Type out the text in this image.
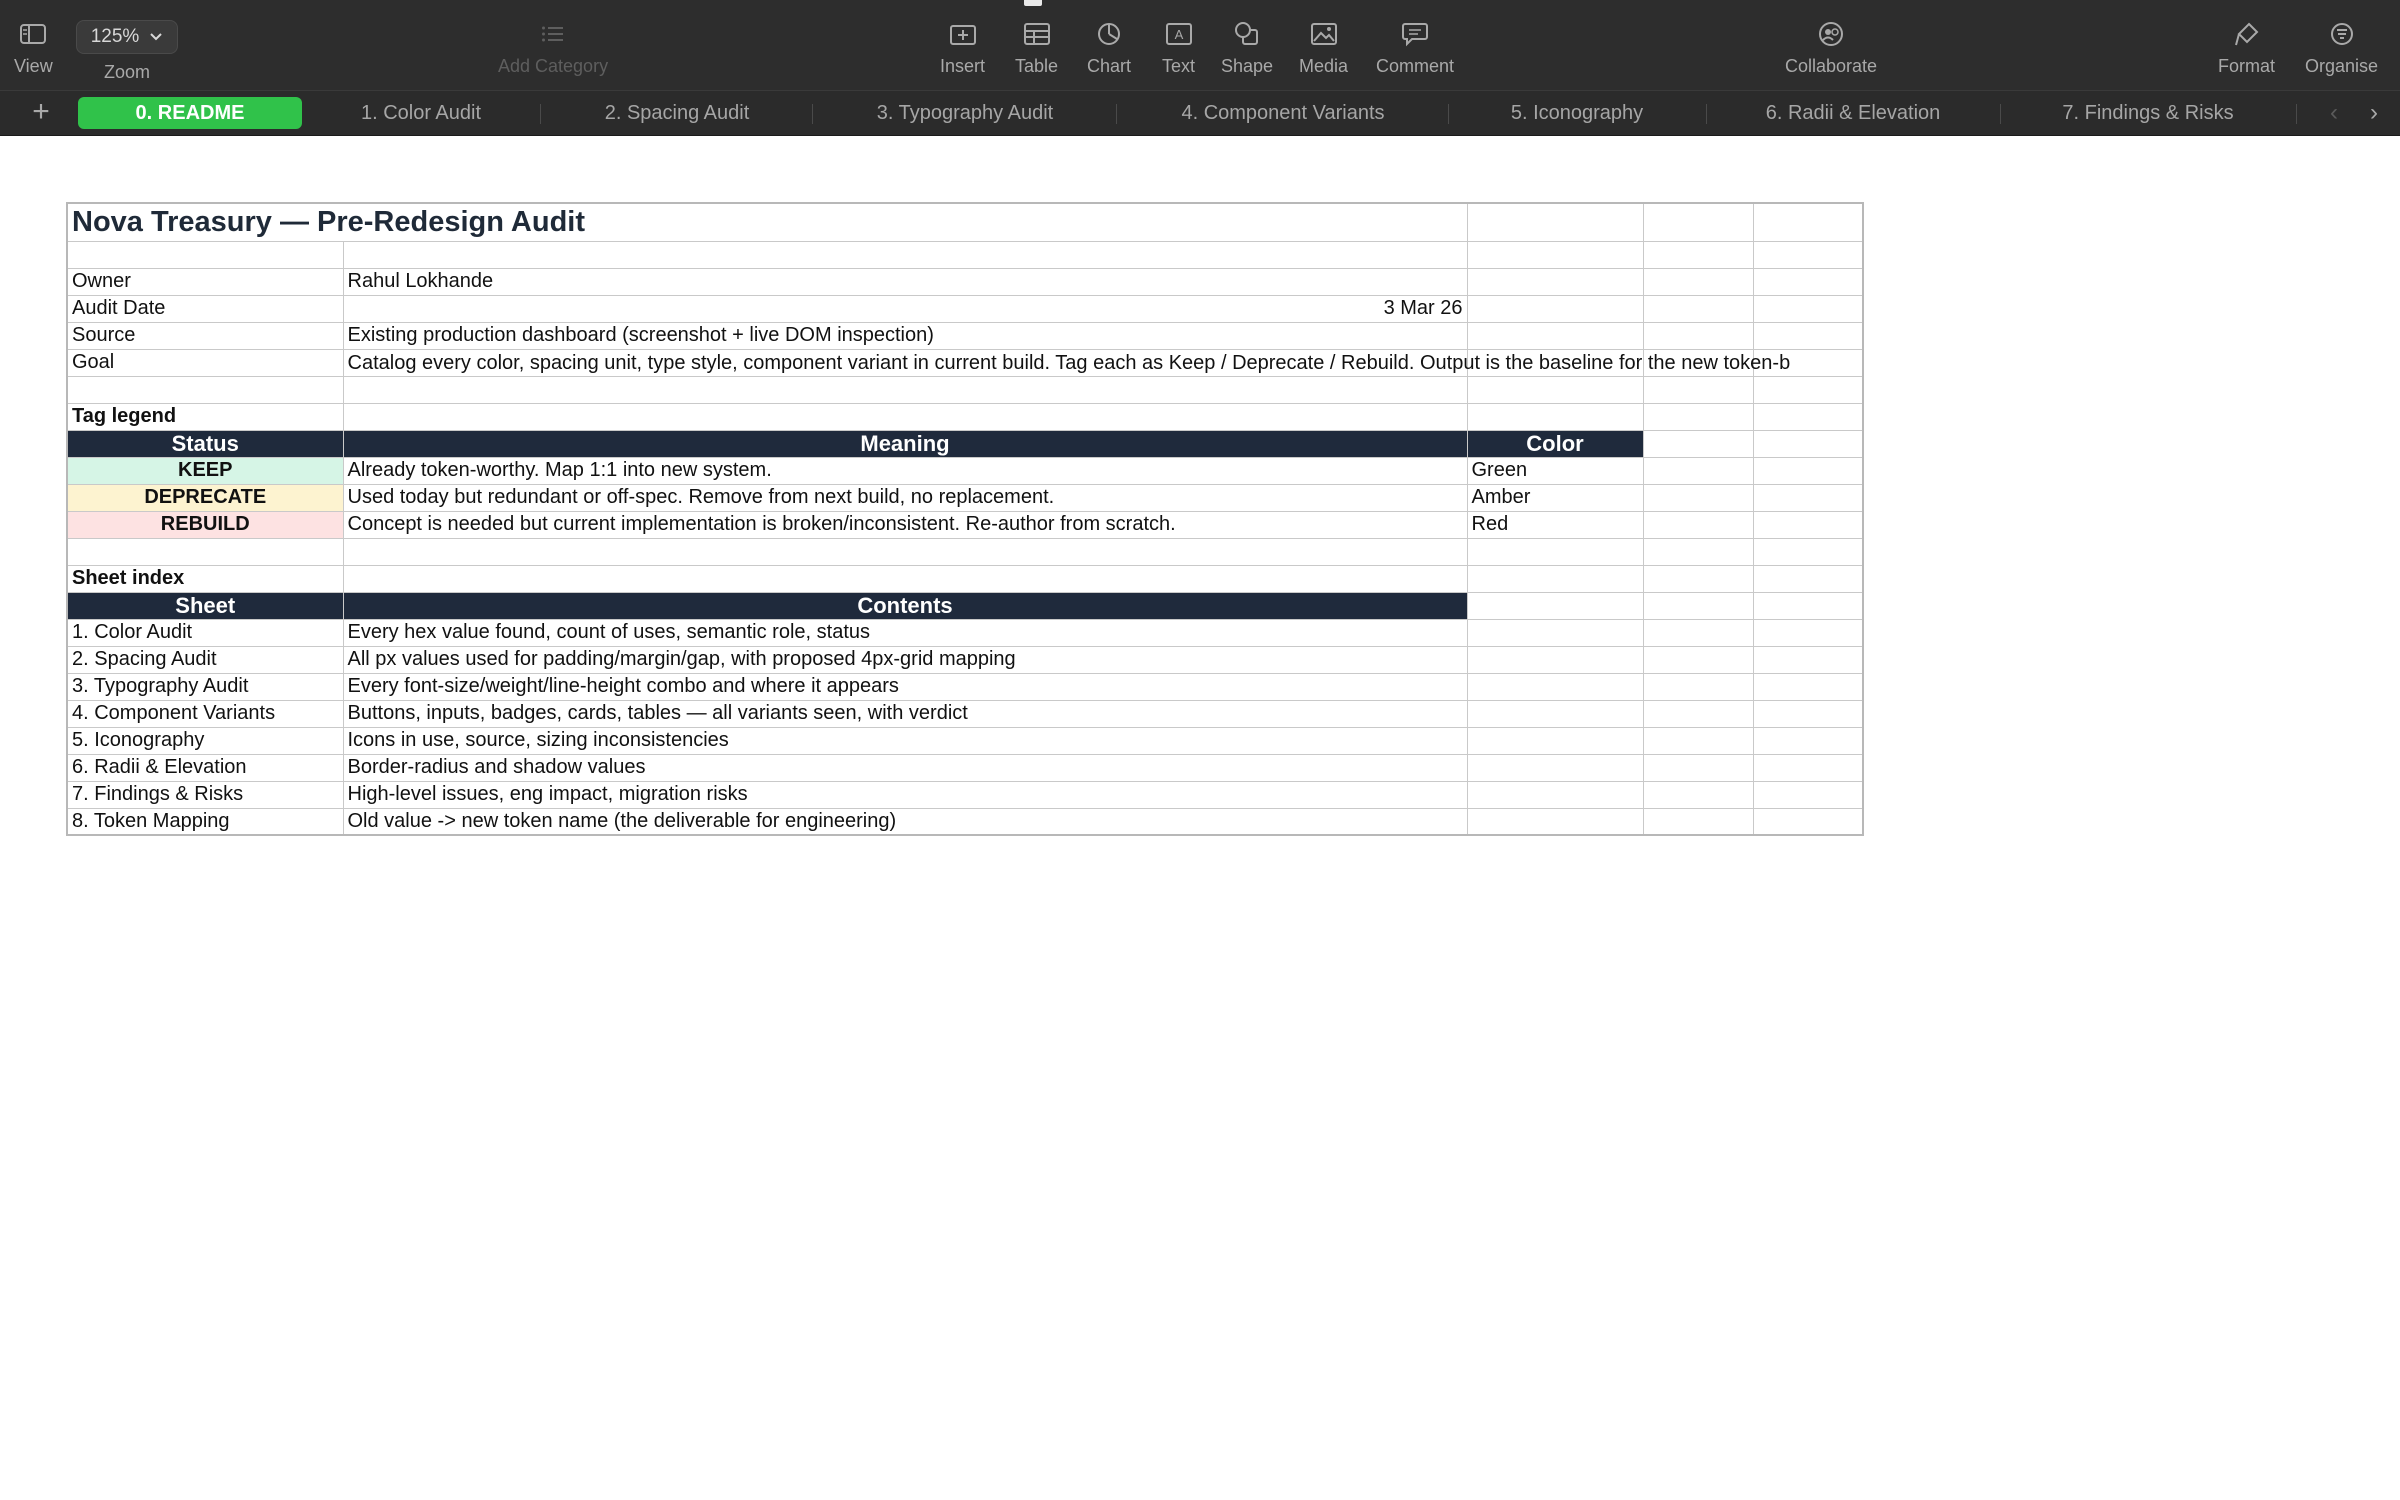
View
125%
Zoom	Add Category	Insert Table Chart
A
Text Shape Media Comment	Collaborate	Format Organise
+	0. README	1. Color Audit	2. Spacing Audit	3. Typography Audit	4. Component Variants	5. Iconography	6. Radii & Elevation	7. Findings & Risks	‹ ›
Nova Treasury — Pre-Redesign Audit				

Owner	Rahul Lokhande			
Audit Date	3 Mar 26			
Source	Existing production dashboard (screenshot + live DOM inspection)			
Goal	Catalog every color, spacing unit, type style, component variant in current build. Tag each as Keep / Deprecate / Rebuild. Output is the baseline for the new token-b			

Tag legend				
Status	Meaning	Color		
KEEP	Already token-worthy. Map 1:1 into new system.	Green		
DEPRECATE	Used today but redundant or off-spec. Remove from next build, no replacement.	Amber		
REBUILD	Concept is needed but current implementation is broken/inconsistent. Re-author from scratch.	Red		

Sheet index				
Sheet	Contents			
1. Color Audit	Every hex value found, count of uses, semantic role, status			
2. Spacing Audit	All px values used for padding/margin/gap, with proposed 4px-grid mapping			
3. Typography Audit	Every font-size/weight/line-height combo and where it appears			
4. Component Variants	Buttons, inputs, badges, cards, tables — all variants seen, with verdict			
5. Iconography	Icons in use, source, sizing inconsistencies			
6. Radii & Elevation	Border-radius and shadow values			
7. Findings & Risks	High-level issues, eng impact, migration risks			
8. Token Mapping	Old value -> new token name (the deliverable for engineering)			
